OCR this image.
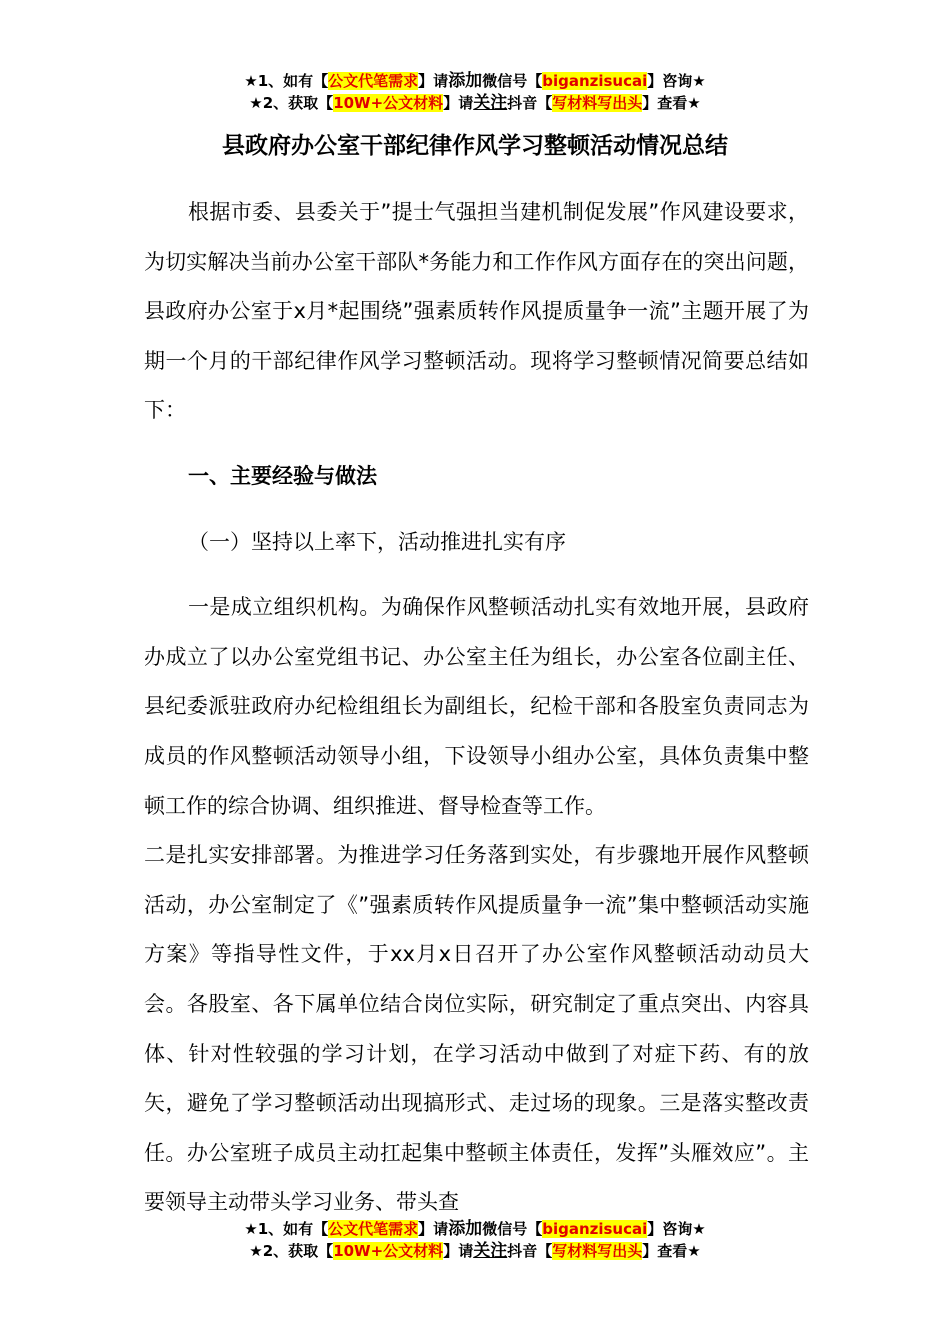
★1、如有【公文代笔需求】请添加微信号【biganzisucai】咨询★
★2、获取【10W+公文材料】请关注抖音【写材料写出头】查看★
县政府办公室干部纪律作风学习整顿活动情况总结

根据市委、县委关于”提士气强担当建机制促发展”作风建设要求，为切实解决当前办公室干部队*务能力和工作作风方面存在的突出问题，县政府办公室于x月*起围绕”强素质转作风提质量争一流”主题开展了为期一个月的干部纪律作风学习整顿活动。现将学习整顿情况简要总结如下：

一、主要经验与做法

（一）坚持以上率下，活动推进扎实有序

一是成立组织机构。为确保作风整顿活动扎实有效地开展，县政府办成立了以办公室党组书记、办公室主任为组长，办公室各位副主任、县纪委派驻政府办纪检组组长为副组长，纪检干部和各股室负责同志为成员的作风整顿活动领导小组，下设领导小组办公室，具体负责集中整顿工作的综合协调、组织推进、督导检查等工作。

二是扎实安排部署。为推进学习任务落到实处，有步骤地开展作风整顿活动，办公室制定了《”强素质转作风提质量争一流”集中整顿活动实施方案》等指导性文件，于xx月x日召开了办公室作风整顿活动动员大会。各股室、各下属单位结合岗位实际，研究制定了重点突出、内容具体、针对性较强的学习计划，在学习活动中做到了对症下药、有的放矢，避免了学习整顿活动出现搞形式、走过场的现象。三是落实整改责任。办公室班子成员主动扛起集中整顿主体责任，发挥”头雁效应”。主要领导主动带头学习业务、带头查

★1、如有【公文代笔需求】请添加微信号【biganzisucai】咨询★
★2、获取【10W+公文材料】请关注抖音【写材料写出头】查看★
